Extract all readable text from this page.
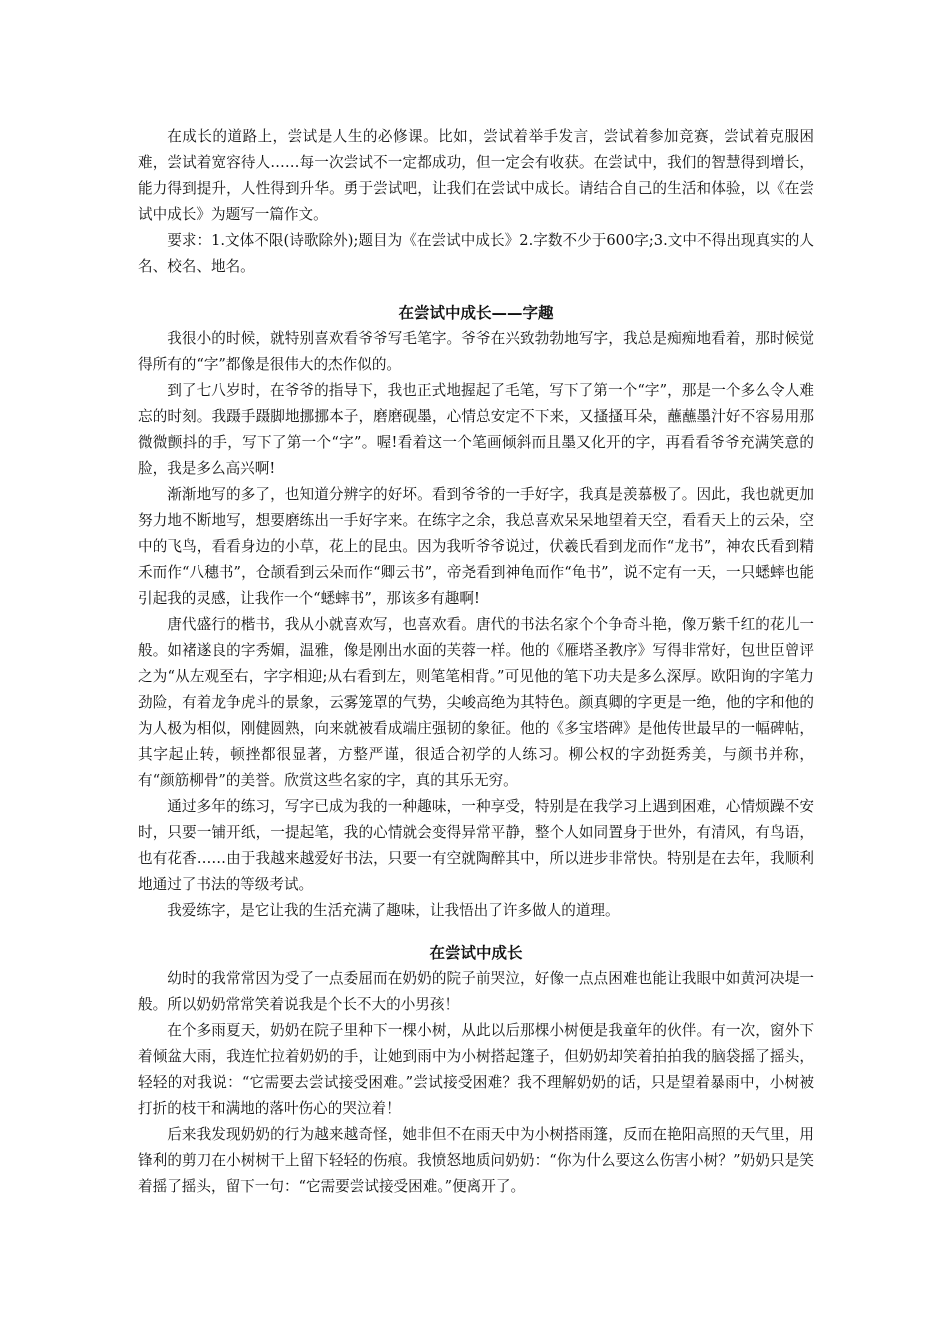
在成长的道路上，尝试是人生的必修课。比如，尝试着举手发言，尝试着参加竞赛，尝试着克服困难，尝试着宽容待人……每一次尝试不一定都成功，但一定会有收获。在尝试中，我们的智慧得到增长，能力得到提升，人性得到升华。勇于尝试吧，让我们在尝试中成长。请结合自己的生活和体验，以《在尝试中成长》为题写一篇作文。

要求：1.文体不限(诗歌除外);题目为《在尝试中成长》2.字数不少于600字;3.文中不得出现真实的人名、校名、地名。

在尝试中成长——字趣

我很小的时候，就特别喜欢看爷爷写毛笔字。爷爷在兴致勃勃地写字，我总是痴痴地看着，那时候觉得所有的“字”都像是很伟大的杰作似的。

到了七八岁时，在爷爷的指导下，我也正式地握起了毛笔，写下了第一个“字”，那是一个多么令人难忘的时刻。我蹑手蹑脚地挪挪本子，磨磨砚墨，心情总安定不下来，又搔搔耳朵，蘸蘸墨汁好不容易用那微微颤抖的手，写下了第一个“字”。喔!看着这一个笔画倾斜而且墨又化开的字，再看看爷爷充满笑意的脸，我是多么高兴啊!

渐渐地写的多了，也知道分辨字的好坏。看到爷爷的一手好字，我真是羡慕极了。因此，我也就更加努力地不断地写，想要磨练出一手好字来。在练字之余，我总喜欢呆呆地望着天空，看看天上的云朵，空中的飞鸟，看看身边的小草，花上的昆虫。因为我听爷爷说过，伏羲氏看到龙而作“龙书”，神农氏看到精禾而作“八穗书”，仓颉看到云朵而作“卿云书”，帝尧看到神龟而作“龟书”，说不定有一天，一只蟋蟀也能引起我的灵感，让我作一个“蟋蟀书”，那该多有趣啊!

唐代盛行的楷书，我从小就喜欢写，也喜欢看。唐代的书法名家个个争奇斗艳，像万紫千红的花儿一般。如褚遂良的字秀媚，温雅，像是刚出水面的芙蓉一样。他的《雁塔圣教序》写得非常好，包世臣曾评之为“从左观至右，字字相迎;从右看到左，则笔笔相背。”可见他的笔下功夫是多么深厚。欧阳询的字笔力劲险，有着龙争虎斗的景象，云雾笼罩的气势，尖峻高绝为其特色。颜真卿的字更是一绝，他的字和他的为人极为相似，刚健圆熟，向来就被看成端庄强韧的象征。他的《多宝塔碑》是他传世最早的一幅碑帖，其字起止转，顿挫都很显著，方整严谨，很适合初学的人练习。柳公权的字劲挺秀美，与颜书并称，有“颜筋柳骨”的美誉。欣赏这些名家的字，真的其乐无穷。

通过多年的练习，写字已成为我的一种趣味，一种享受，特别是在我学习上遇到困难，心情烦躁不安时，只要一铺开纸，一提起笔，我的心情就会变得异常平静，整个人如同置身于世外，有清风，有鸟语，也有花香……由于我越来越爱好书法，只要一有空就陶醉其中，所以进步非常快。特别是在去年，我顺利地通过了书法的等级考试。

我爱练字，是它让我的生活充满了趣味，让我悟出了许多做人的道理。

在尝试中成长

幼时的我常常因为受了一点委屈而在奶奶的院子前哭泣，好像一点点困难也能让我眼中如黄河决堤一般。所以奶奶常常笑着说我是个长不大的小男孩！

在个多雨夏天，奶奶在院子里种下一棵小树，从此以后那棵小树便是我童年的伙伴。有一次，窗外下着倾盆大雨，我连忙拉着奶奶的手，让她到雨中为小树搭起篷子，但奶奶却笑着拍拍我的脑袋摇了摇头，轻轻的对我说：“它需要去尝试接受困难。”尝试接受困难？我不理解奶奶的话，只是望着暴雨中，小树被打折的枝干和满地的落叶伤心的哭泣着！

后来我发现奶奶的行为越来越奇怪，她非但不在雨天中为小树搭雨篷，反而在艳阳高照的天气里，用锋利的剪刀在小树树干上留下轻轻的伤痕。我愤怒地质问奶奶：“你为什么要这么伤害小树？”奶奶只是笑着摇了摇头，留下一句：“它需要尝试接受困难。”便离开了。
